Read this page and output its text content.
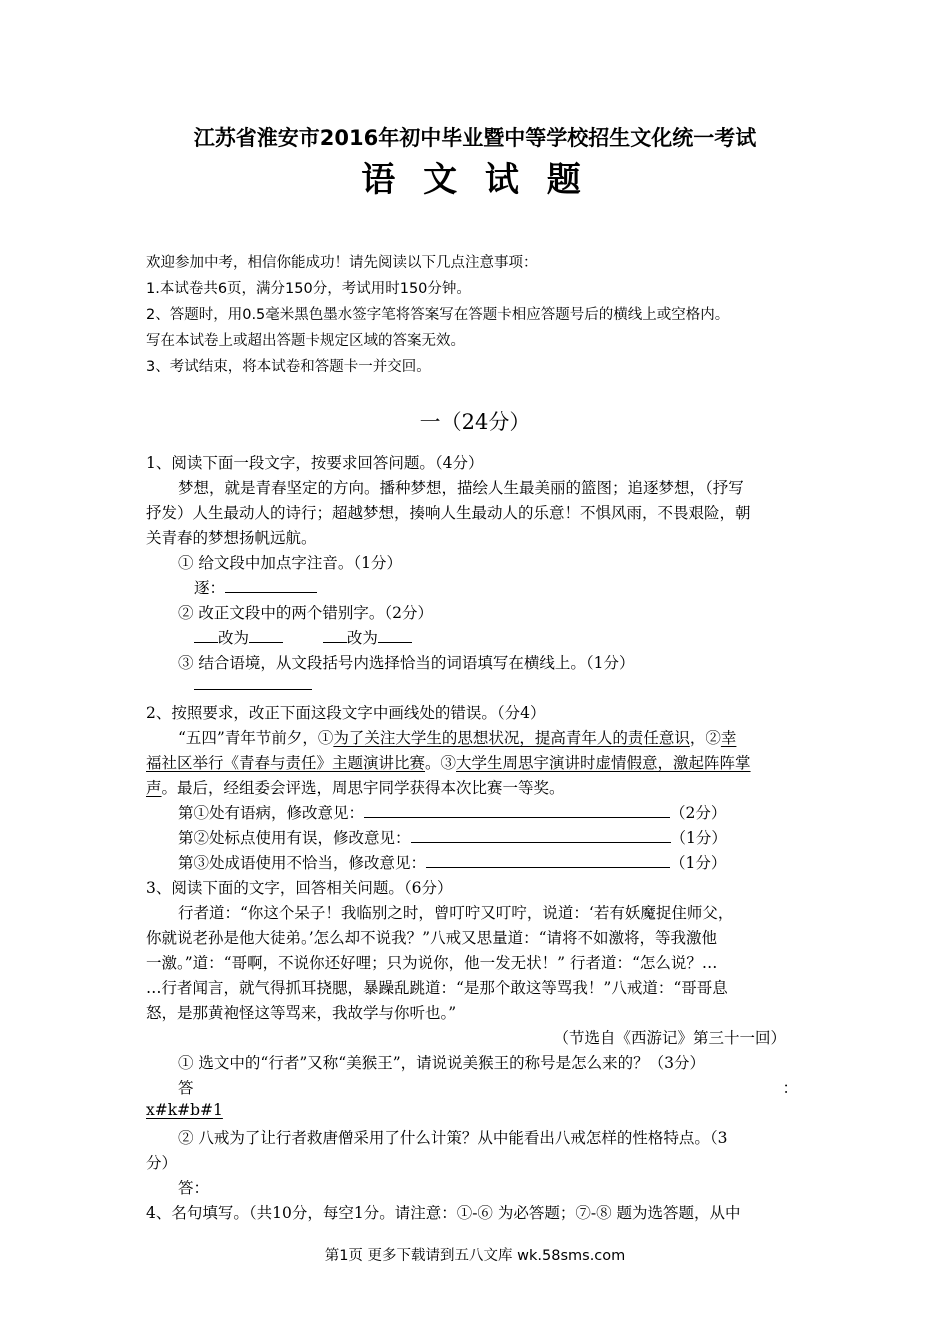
江苏省淮安市2016年初中毕业暨中等学校招生文化统一考试
语 文 试 题
欢迎参加中考，相信你能成功！请先阅读以下几点注意事项：
1.本试卷共6页，满分150分，考试用时150分钟。
2、答题时，用0.5毫米黑色墨水签字笔将答案写在答题卡相应答题号后的横线上或空格内。
写在本试卷上或超出答题卡规定区域的答案无效。
3、考试结束，将本试卷和答题卡一并交回。
一（24分）
1、阅读下面一段文字，按要求回答问题。（4分）
梦想，就是青春坚定的方向。播种梦想，描绘人生最美丽的篮图；追逐梦想，（抒写
抒发）人生最动人的诗行；超越梦想，揍响人生最动人的乐意！不惧风雨，不畏艰险，朝
关青春的梦想扬帆远航。
① 给文段中加点字注音。（1分）
逐：
② 改正文段中的两个错别字。（2分）
改为	改为
③ 结合语境，从文段括号内选择恰当的词语填写在横线上。（1分）
2、按照要求，改正下面这段文字中画线处的错误。（分4）
“五四”青年节前夕，①为了关注大学生的思想状况，提高青年人的责任意识，②幸
福社区举行《青春与责任》主题演讲比赛。③大学生周思宇演讲时虚情假意，激起阵阵掌
声。最后，经组委会评选，周思宇同学获得本次比赛一等奖。
第①处有语病，修改意见：	（2分）
第②处标点使用有误，修改意见：	（1分）
第③处成语使用不恰当，修改意见：	（1分）
3、阅读下面的文字，回答相关问题。（6分）
行者道：“你这个呆子！我临别之时，曾叮咛又叮咛，说道：‘若有妖魔捉住师父，
你就说老孙是他大徒弟。’怎么却不说我？”八戒又思量道：“请将不如激将，等我激他
一激。”道：“哥啊，不说你还好哩；只为说你，他一发无状！” 行者道：“怎么说？…
…行者闻言，就气得抓耳挠腮，暴躁乱跳道：“是那个敢这等骂我！”八戒道：“哥哥息
怒，是那黄袍怪这等骂来，我故学与你听也。”
（节选自《西游记》第三十一回）
① 选文中的“行者”又称“美猴王”，请说说美猴王的称号是怎么来的？（3分）
答	：
x#k#b#1
② 八戒为了让行者救唐僧采用了什么计策？从中能看出八戒怎样的性格特点。（3
分）
答：
4、名句填写。（共10分，每空1分。请注意：①-⑥ 为必答题；⑦-⑧ 题为选答题，从中
第1页 更多下载请到五八文库 wk.58sms.com
